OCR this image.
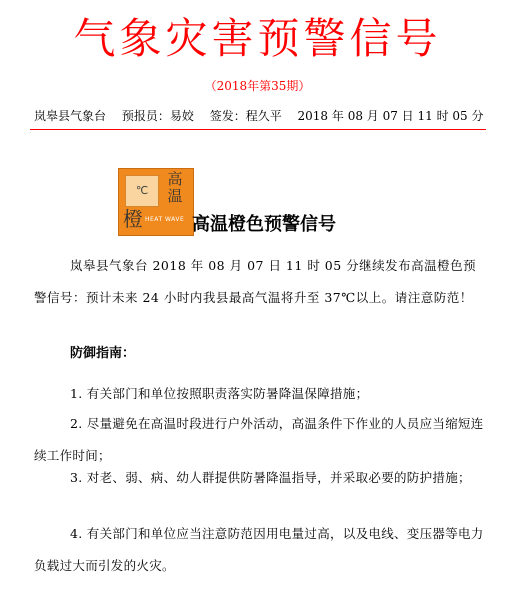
气象灾害预警信号
（2018年第35期）
岚皋县气象台 预报员：易姣 签发：程久平 2018 年 08 月 07 日 11 时 05 分
℃
高温
橙 HEAT WAVE 高温橙色预警信号
岚皋县气象台 2018 年 08 月 07 日 11 时 05 分继续发布高温橙色预警信号：预计未来 24 小时内我县最高气温将升至 37℃以上。请注意防范！
防御指南：
1. 有关部门和单位按照职责落实防暑降温保障措施；
2. 尽量避免在高温时段进行户外活动，高温条件下作业的人员应当缩短连续工作时间；
3. 对老、弱、病、幼人群提供防暑降温指导，并采取必要的防护措施；
4. 有关部门和单位应当注意防范因用电量过高，以及电线、变压器等电力负载过大而引发的火灾。
